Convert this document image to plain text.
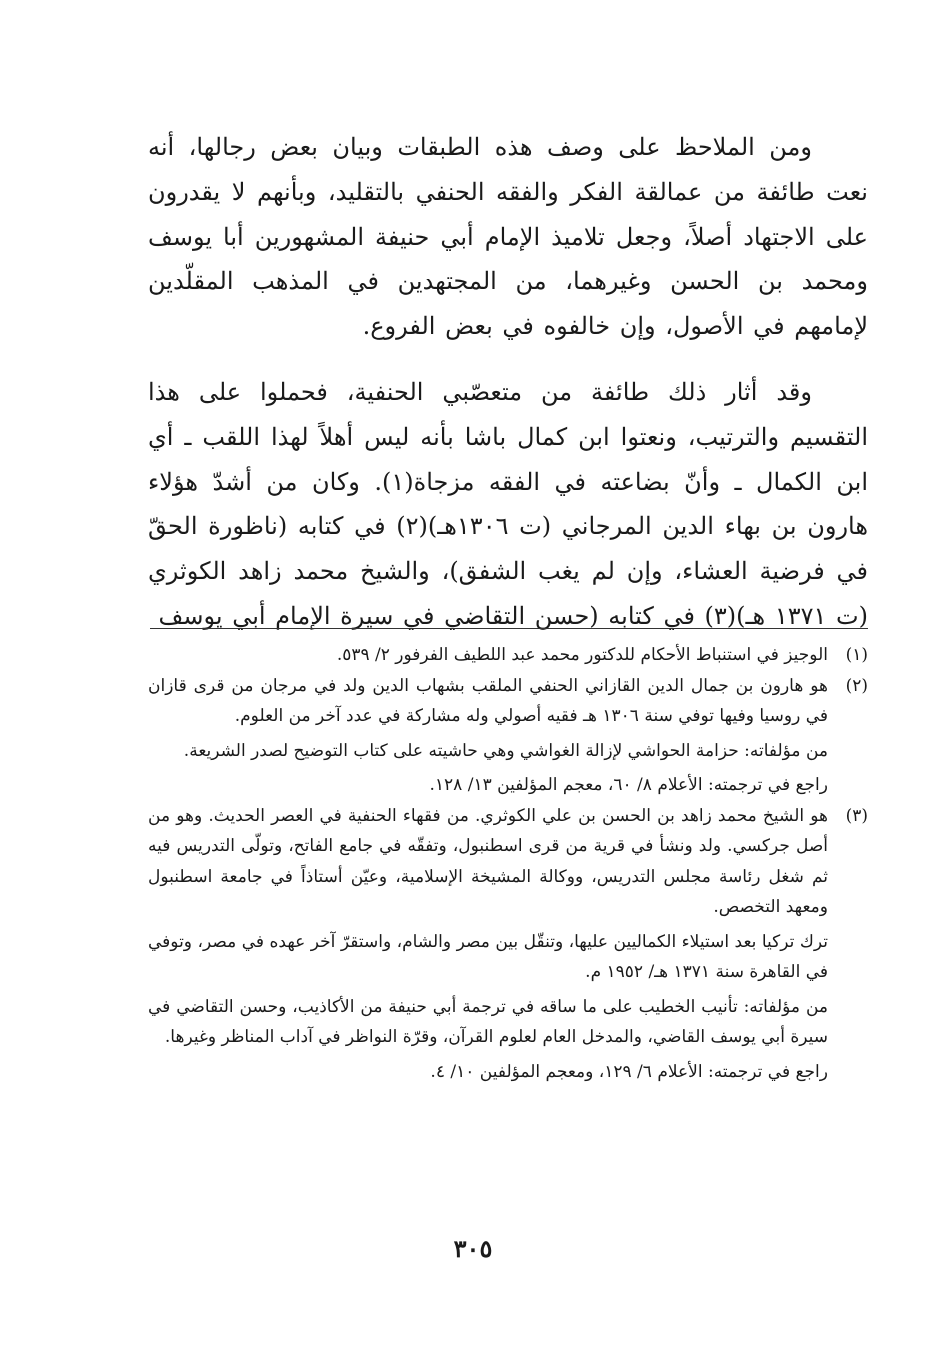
ومن الملاحظ على وصف هذه الطبقات وبيان بعض رجالها، أنه نعت طائفة من عمالقة الفكر والفقه الحنفي بالتقليد، وبأنهم لا يقدرون على الاجتهاد أصلاً، وجعل تلاميذ الإمام أبي حنيفة المشهورين أبا يوسف ومحمد بن الحسن وغيرهما، من المجتهدين في المذهب المقلّدين لإمامهم في الأصول، وإن خالفوه في بعض الفروع.

وقد أثار ذلك طائفة من متعصّبي الحنفية، فحملوا على هذا التقسيم والترتيب، ونعتوا ابن كمال باشا بأنه ليس أهلاً لهذا اللقب ـ أي ابن الكمال ـ وأنّ بضاعته في الفقه مزجاة(١). وكان من أشدّ هؤلاء هارون بن بهاء الدين المرجاني (ت ١٣٠٦هـ)(٢) في كتابه (ناظورة الحقّ في فرضية العشاء، وإن لم يغب الشفق)، والشيخ محمد زاهد الكوثري (ت ١٣٧١ هـ)(٣) في كتابه (حسن التقاضي في سيرة الإمام أبي يوسف

(١)

الوجيز في استنباط الأحكام للدكتور محمد عبد اللطيف الفرفور ٢/ ٥٣٩.

(٢)

هو هارون بن جمال الدين القازاني الحنفي الملقب بشهاب الدين ولد في مرجان من قرى قازان في روسيا وفيها توفي سنة ١٣٠٦ هـ فقيه أصولي وله مشاركة في عدد آخر من العلوم.

من مؤلفاته: حزامة الحواشي لإزالة الغواشي وهي حاشيته على كتاب التوضيح لصدر الشريعة.

راجع في ترجمته: الأعلام ٨/ ٦٠، معجم المؤلفين ١٣/ ١٢٨.

(٣)

هو الشيخ محمد زاهد بن الحسن بن علي الكوثري. من فقهاء الحنفية في العصر الحديث. وهو من أصل جركسي. ولد ونشأ في قرية من قرى اسطنبول، وتفقّه في جامع الفاتح، وتولّى التدريس فيه ثم شغل رئاسة مجلس التدريس، ووكالة المشيخة الإسلامية، وعيّن أستاذاً في جامعة اسطنبول ومعهد التخصص.

ترك تركيا بعد استيلاء الكماليين عليها، وتنقّل بين مصر والشام، واستقرّ آخر عهده في مصر، وتوفي في القاهرة سنة ١٣٧١ هـ/ ١٩٥٢ م.

من مؤلفاته: تأنيب الخطيب على ما ساقه في ترجمة أبي حنيفة من الأكاذيب، وحسن التقاضي في سيرة أبي يوسف القاضي، والمدخل العام لعلوم القرآن، وقرّة النواظر في آداب المناظر وغيرها.

راجع في ترجمته: الأعلام ٦/ ١٢٩، ومعجم المؤلفين ١٠/ ٤.

٣٠٥
